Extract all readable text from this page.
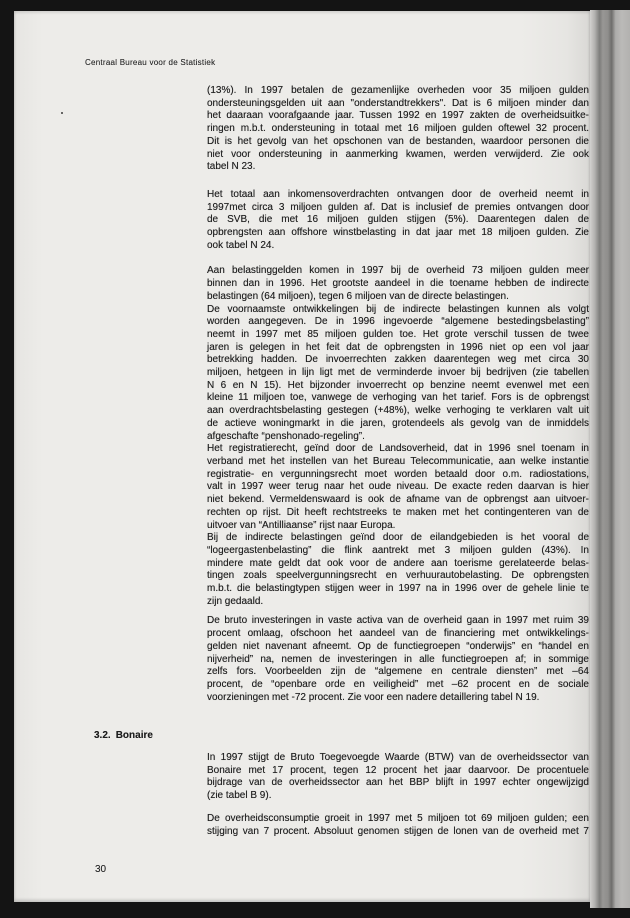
Centraal Bureau voor de Statistiek
(13%). In 1997 betalen de gezamenlijke overheden voor 35 miljoen gulden
ondersteuningsgelden uit aan "onderstandtrekkers". Dat is 6 miljoen minder dan
het daaraan voorafgaande jaar. Tussen 1992 en 1997 zakten de overheidsuitke-
ringen m.b.t. ondersteuning in totaal met 16 miljoen gulden oftewel 32 procent.
Dit is het gevolg van het opschonen van de bestanden, waardoor personen die
niet voor ondersteuning in aanmerking kwamen, werden verwijderd. Zie ook
tabel N 23.
Het totaal aan inkomensoverdrachten ontvangen door de overheid neemt in
1997met circa 3 miljoen gulden af. Dat is inclusief de premies ontvangen door
de SVB, die met 16 miljoen gulden stijgen (5%). Daarentegen dalen de
opbrengsten aan offshore winstbelasting in dat jaar met 18 miljoen gulden. Zie
ook tabel N 24.
Aan belastinggelden komen in 1997 bij de overheid 73 miljoen gulden meer
binnen dan in 1996. Het grootste aandeel in die toename hebben de indirecte
belastingen (64 miljoen), tegen 6 miljoen van de directe belastingen.
De voornaamste ontwikkelingen bij de indirecte belastingen kunnen als volgt
worden aangegeven. De in 1996 ingevoerde “algemene bestedingsbelasting”
neemt in 1997 met 85 miljoen gulden toe. Het grote verschil tussen de twee
jaren is gelegen in het feit dat de opbrengsten in 1996 niet op een vol jaar
betrekking hadden. De invoerrechten zakken daarentegen weg met circa 30
miljoen, hetgeen in lijn ligt met de verminderde invoer bij bedrijven (zie tabellen
N 6 en N 15). Het bijzonder invoerrecht op benzine neemt evenwel met een
kleine 11 miljoen toe, vanwege de verhoging van het tarief. Fors is de opbrengst
aan overdrachtsbelasting gestegen (+48%), welke verhoging te verklaren valt uit
de actieve woningmarkt in die jaren, grotendeels als gevolg van de inmiddels
afgeschafte “penshonado-regeling”.
Het registratierecht, geïnd door de Landsoverheid, dat in 1996 snel toenam in
verband met het instellen van het Bureau Telecommunicatie, aan welke instantie
registratie- en vergunningsrecht moet worden betaald door o.m. radiostations,
valt in 1997 weer terug naar het oude niveau. De exacte reden daarvan is hier
niet bekend. Vermeldenswaard is ook de afname van de opbrengst aan uitvoer-
rechten op rijst. Dit heeft rechtstreeks te maken met het contingenteren van de
uitvoer van “Antilliaanse” rijst naar Europa.
Bij de indirecte belastingen geïnd door de eilandgebieden is het vooral de
“logeergastenbelasting” die flink aantrekt met 3 miljoen gulden (43%). In
mindere mate geldt dat ook voor de andere aan toerisme gerelateerde belas-
tingen zoals speelvergunningsrecht en verhuurautobelasting. De opbrengsten
m.b.t. die belastingtypen stijgen weer in 1997 na in 1996 over de gehele linie te
zijn gedaald.
De bruto investeringen in vaste activa van de overheid gaan in 1997 met ruim 39
procent omlaag, ofschoon het aandeel van de financiering met ontwikkelings-
gelden niet navenant afneemt. Op de functiegroepen “onderwijs” en “handel en
nijverheid” na, nemen de investeringen in alle functiegroepen af; in sommige
zelfs fors. Voorbeelden zijn de “algemene en centrale diensten” met –64
procent, de “openbare orde en veiligheid” met –62 procent en de sociale
voorzieningen met -72 procent. Zie voor een nadere detaillering tabel N 19.
3.2. Bonaire
In 1997 stijgt de Bruto Toegevoegde Waarde (BTW) van de overheidssector van
Bonaire met 17 procent, tegen 12 procent het jaar daarvoor. De procentuele
bijdrage van de overheidssector aan het BBP blijft in 1997 echter ongewijzigd
(zie tabel B 9).
De overheidsconsumptie groeit in 1997 met 5 miljoen tot 69 miljoen gulden; een
stijging van 7 procent. Absoluut genomen stijgen de lonen van de overheid met 7
30
